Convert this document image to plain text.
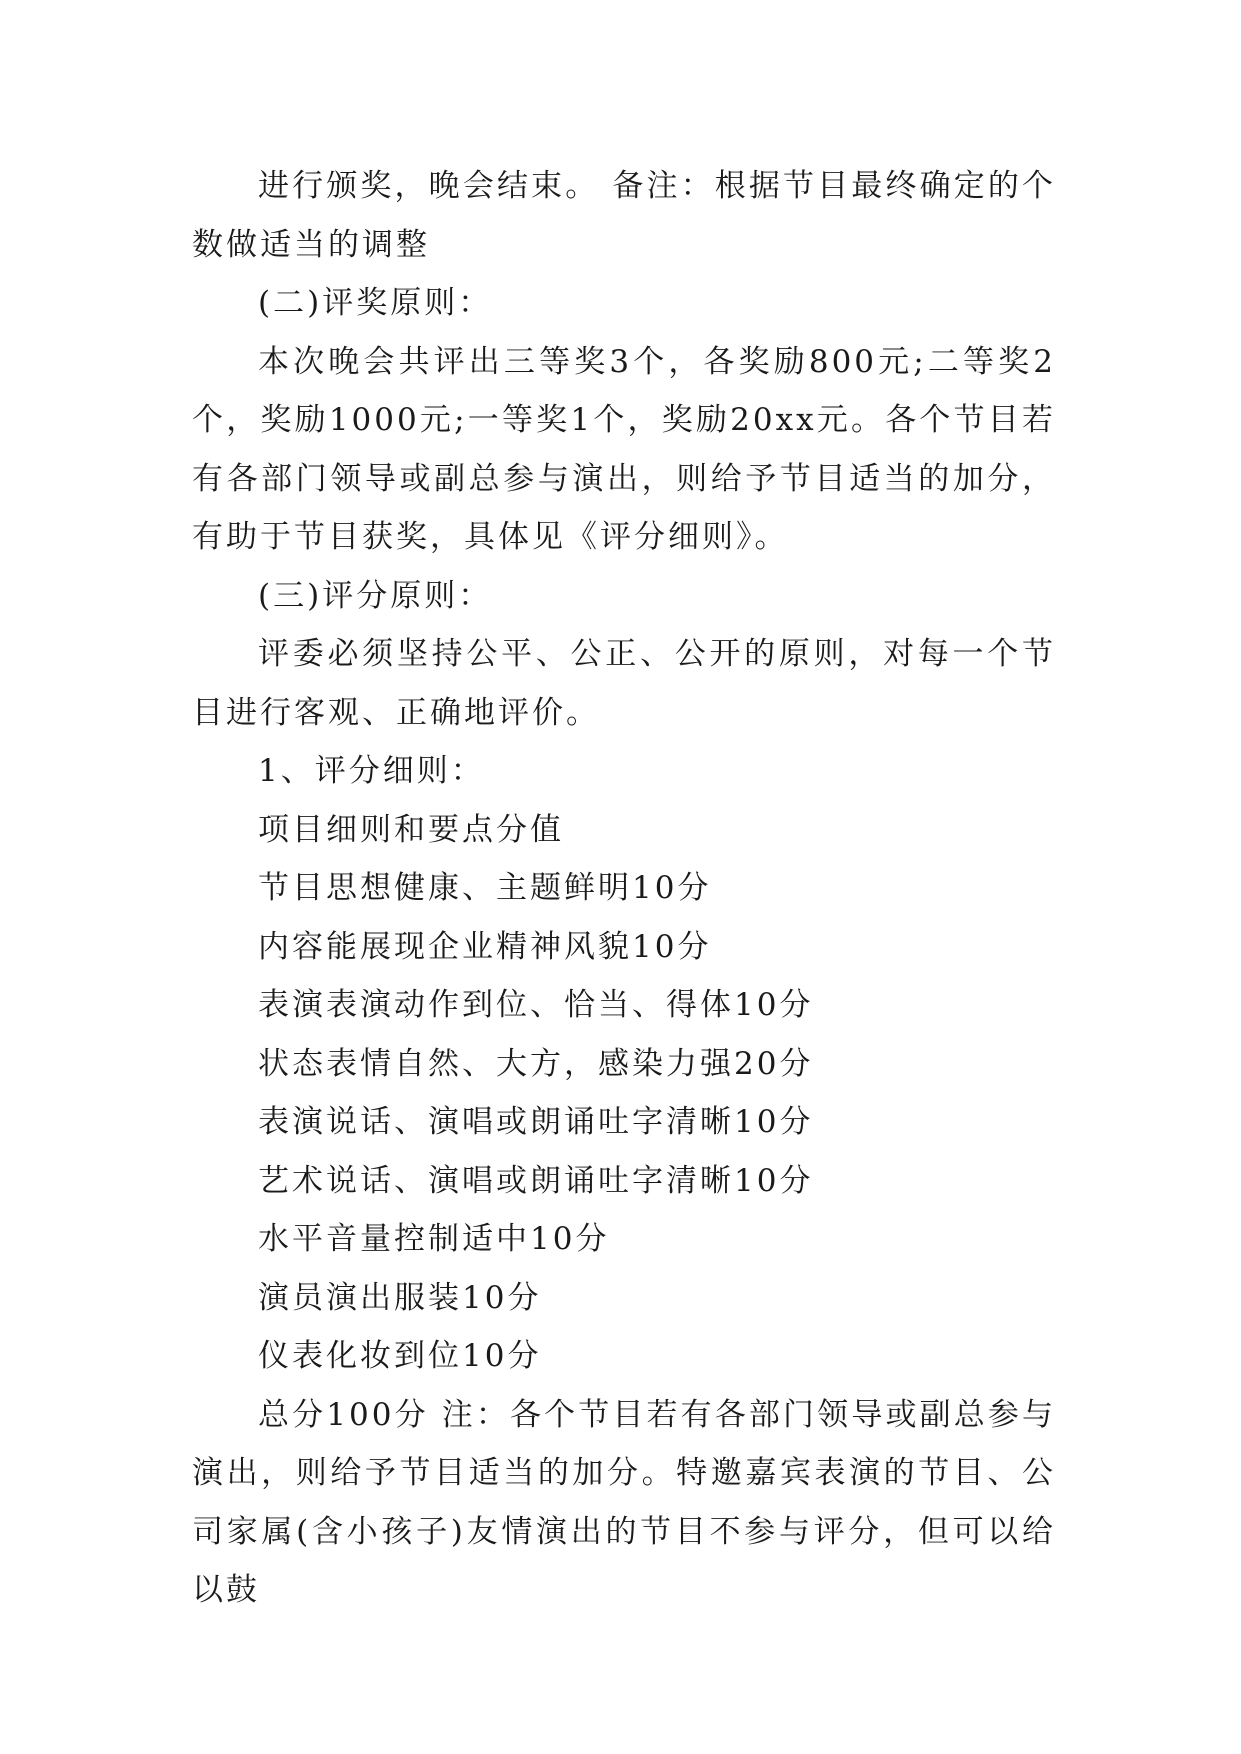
进行颁奖，晚会结束。 备注：根据节目最终确定的个数做适当的调整

(二)评奖原则：

本次晚会共评出三等奖3个，各奖励800元;二等奖2个，奖励1000元;一等奖1个，奖励20xx元。各个节目若有各部门领导或副总参与演出，则给予节目适当的加分，有助于节目获奖，具体见《评分细则》。

(三)评分原则：

评委必须坚持公平、公正、公开的原则，对每一个节目进行客观、正确地评价。

1、评分细则：

项目细则和要点分值
节目思想健康、主题鲜明10分
内容能展现企业精神风貌10分
表演表演动作到位、恰当、得体10分
状态表情自然、大方，感染力强20分
表演说话、演唱或朗诵吐字清晰10分
艺术说话、演唱或朗诵吐字清晰10分
水平音量控制适中10分
演员演出服装10分
仪表化妆到位10分

总分100分 注：各个节目若有各部门领导或副总参与演出，则给予节目适当的加分。特邀嘉宾表演的节目、公司家属(含小孩子)友情演出的节目不参与评分，但可以给以鼓
